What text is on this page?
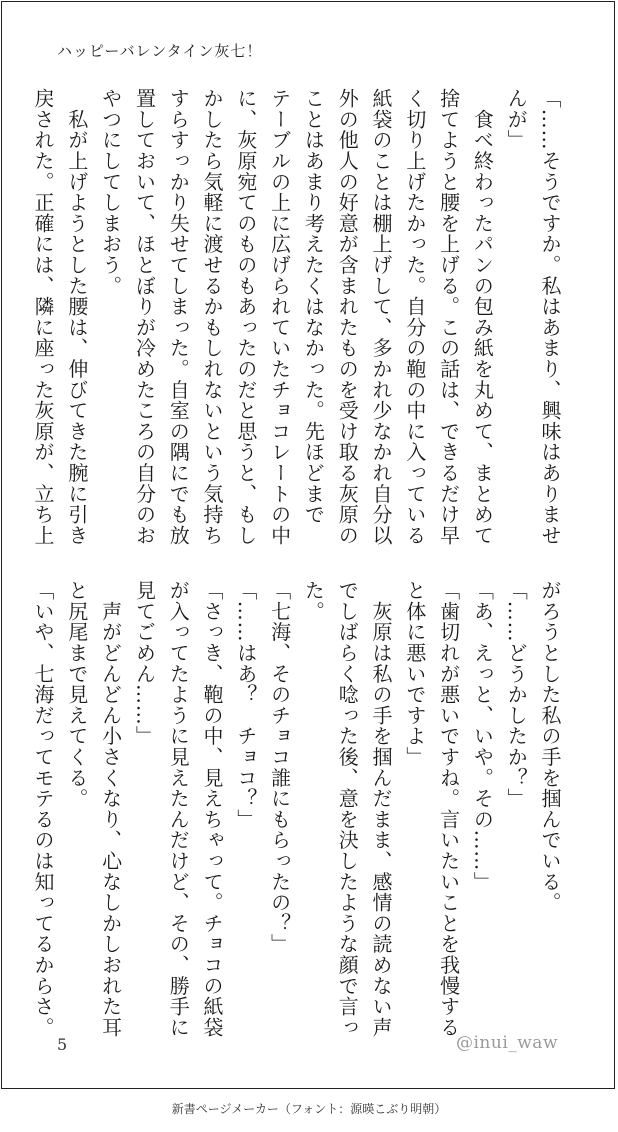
ハッピーバレンタイン灰七！
「……そうですか。私はあまり、興味はありませ
んが」
　食べ終わったパンの包み紙を丸めて、まとめて
捨てようと腰を上げる。この話は、できるだけ早
く切り上げたかった。自分の鞄の中に入っている
紙袋のことは棚上げして、多かれ少なかれ自分以
外の他人の好意が含まれたものを受け取る灰原の
ことはあまり考えたくはなかった。先ほどまで
テーブルの上に広げられていたチョコレートの中
に、灰原宛てのものもあったのだと思うと、もし
かしたら気軽に渡せるかもしれないという気持ち
すらすっかり失せてしまった。自室の隅にでも放
置しておいて、ほとぼりが冷めたころの自分のお
やつにしてしまおう。
　私が上げようとした腰は、伸びてきた腕に引き
戻された。正確には、隣に座った灰原が、立ち上
がろうとした私の手を掴んでいる。
「……どうかしたか？」
「あ、えっと、いや。その……」
「歯切れが悪いですね。言いたいことを我慢する
と体に悪いですよ」
　灰原は私の手を掴んだまま、感情の読めない声
でしばらく唸った後、意を決したような顔で言っ
た。
「七海、そのチョコ誰にもらったの？」
「……はあ？　チョコ？」
「さっき、鞄の中、見えちゃって。チョコの紙袋
が入ってたように見えたんだけど、その、勝手に
見てごめん……」
　声がどんどん小さくなり、心なしかしおれた耳
と尻尾まで見えてくる。
「いや、七海だってモテるのは知ってるからさ。
5	@inui_waw
新書ページメーカー（フォント：源暎こぶり明朝）
